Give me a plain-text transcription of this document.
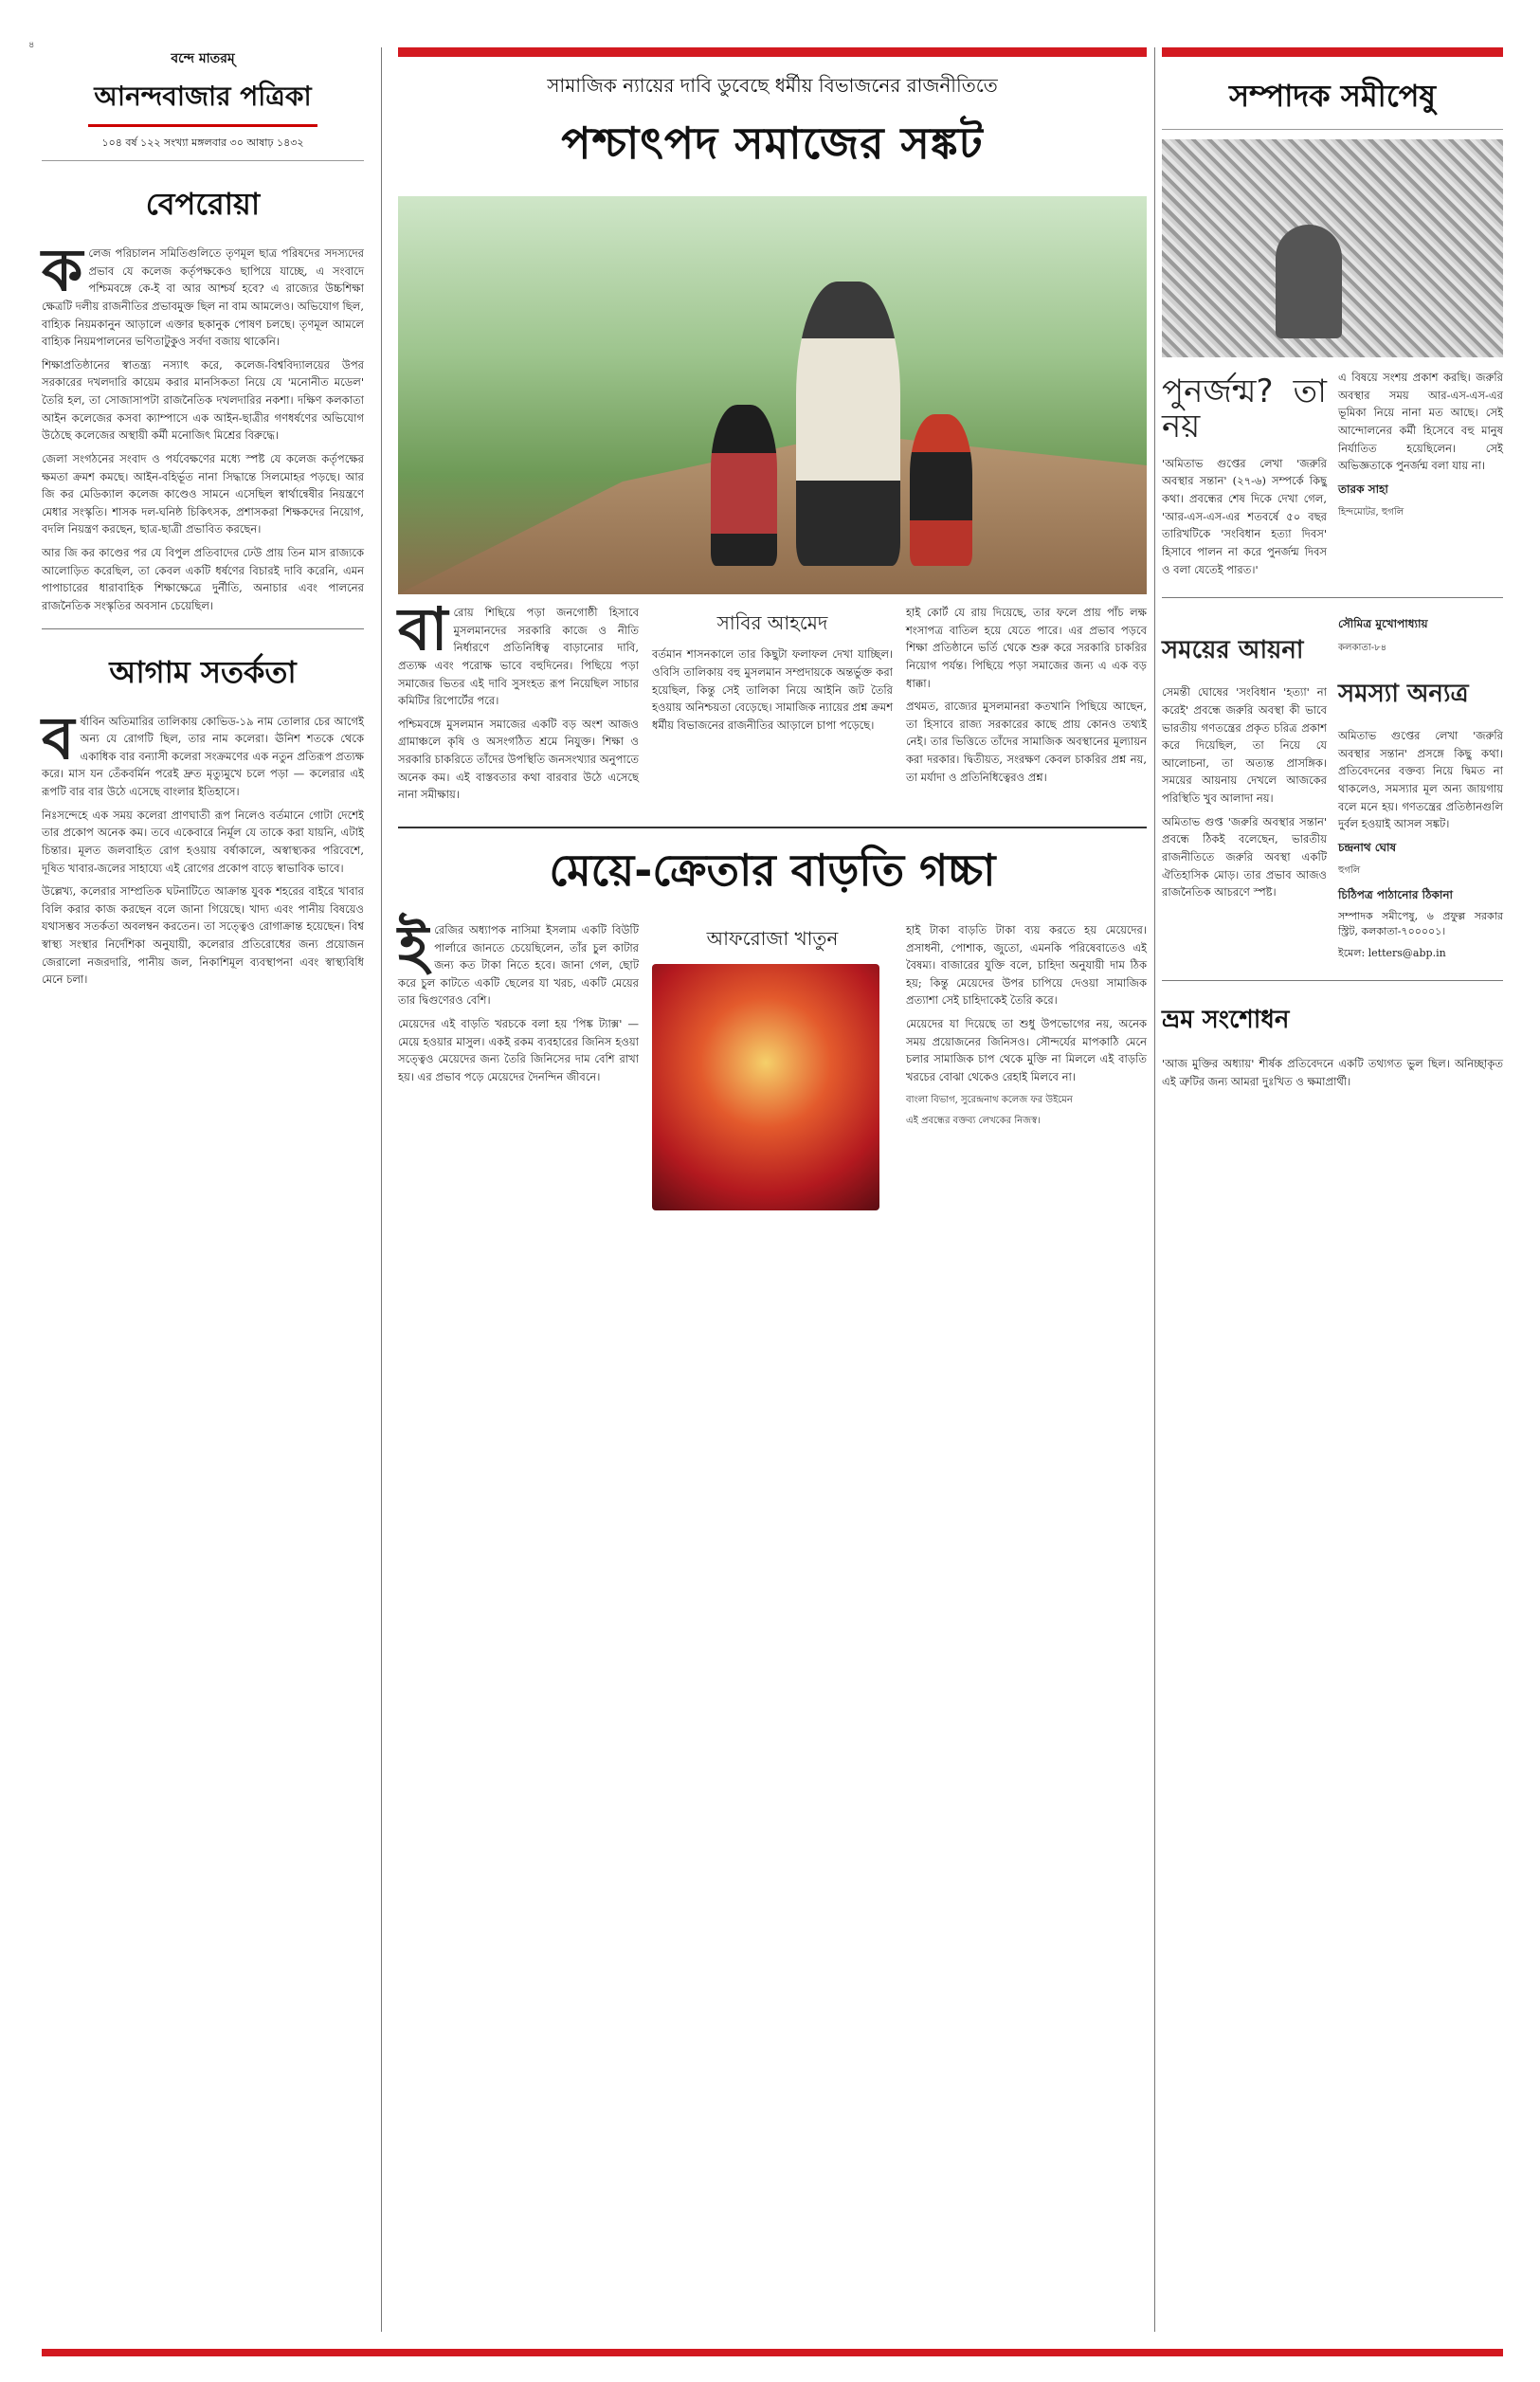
৪
বন্দে মাতরম্
আনন্দবাজার পত্রিকা
১০৪ বর্ষ ১২২ সংখ্যা মঙ্গলবার ৩০ আষাঢ় ১৪৩২
বেপরোয়া

কলেজ পরিচালন সমিতিগুলিতে তৃণমূল ছাত্র পরিষদের সদস্যদের প্রভাব যে কলেজ কর্তৃপক্ষকেও ছাপিয়ে যাচ্ছে, এ সংবাদে পশ্চিমবঙ্গে কে-ই বা আর আশ্চর্য হবে? এ রাজ্যের উচ্চশিক্ষা ক্ষেত্রটি দলীয় রাজনীতির প্রভাবমুক্ত ছিল না বাম আমলেও। অভিযোগ ছিল, বাহ্যিক নিয়মকানুন আড়ালে এক্তার ছকানুক পোষণ চলছে। তৃণমূল আমলে বাহ্যিক নিয়মপালনের ভণিতাটুকুও সর্বদা বজায় থাকেনি।

শিক্ষাপ্রতিষ্ঠানের স্বাতন্ত্র্য নস্যাৎ করে, কলেজ-বিশ্ববিদ্যালয়ের উপর সরকারের দখলদারি কায়েম করার মানসিকতা নিয়ে যে 'মনোনীত মডেল' তৈরি হল, তা সোজাসাপটা রাজনৈতিক দখলদারির নকশা। দক্ষিণ কলকাতা আইন কলেজের কসবা ক্যাম্পাসে এক আইন-ছাত্রীর গণধর্ষণের অভিযোগ উঠেছে কলেজের অস্থায়ী কর্মী মনোজিৎ মিশ্রের বিরুদ্ধে।

জেলা সংগঠনের সংবাদ ও পর্যবেক্ষণের মধ্যে স্পষ্ট যে কলেজ কর্তৃপক্ষের ক্ষমতা ক্রমশ কমছে। আইন-বহির্ভূত নানা সিদ্ধান্তে সিলমোহর পড়ছে। আর জি কর মেডিক্যাল কলেজ কাণ্ডেও সামনে এসেছিল স্বার্থান্বেষীর নিয়ন্ত্রণে মেধার সংস্কৃতি। শাসক দল-ঘনিষ্ঠ চিকিৎসক, প্রশাসকরা শিক্ষকদের নিয়োগ, বদলি নিয়ন্ত্রণ করছেন, ছাত্র-ছাত্রী প্রভাবিত করছেন।

আর জি কর কাণ্ডের পর যে বিপুল প্রতিবাদের ঢেউ প্রায় তিন মাস রাজ্যকে আলোড়িত করেছিল, তা কেবল একটি ধর্ষণের বিচারই দাবি করেনি, এমন পাপাচারের ধারাবাহিক শিক্ষাক্ষেত্রে দুর্নীতি, অনাচার এবং পালনের রাজনৈতিক সংস্কৃতির অবসান চেয়েছিল।

আগাম সতর্কতা

বর্ষাবিন অতিমারির তালিকায় কোভিড-১৯ নাম তোলার চের আগেই অন্য যে রোগটি ছিল, তার নাম কলেরা। ঊনিশ শতকে থেকে একাধিক বার বন্যাসী কলেরা সংক্রমণের এক নতুন প্রতিরূপ প্রত্যক্ষ করে। মাস যন তেঁকবর্মিন পরেই দ্রুত মৃত্যুমুখে চলে পড়া — কলেরার এই রূপটি বার বার উঠে এসেছে বাংলার ইতিহাসে।

নিঃসন্দেহে এক সময় কলেরা প্রাণঘাতী রূপ নিলেও বর্তমানে গোটা দেশেই তার প্রকোপ অনেক কম। তবে একেবারে নির্মূল যে তাকে করা যায়নি, এটাই চিন্তার। মূলত জলবাহিত রোগ হওয়ায় বর্ষাকালে, অস্বাস্থ্যকর পরিবেশে, দূষিত খাবার-জলের সাহায্যে এই রোগের প্রকোপ বাড়ে স্বাভাবিক ভাবে।

উল্লেখ্য, কলেরার সাম্প্রতিক ঘটনাটিতে আক্রান্ত যুবক শহরের বাইরে খাবার বিলি করার কাজ করছেন বলে জানা গিয়েছে। খাদ্য এবং পানীয় বিষয়েও যথাসম্ভব সতর্কতা অবলম্বন করতেন। তা সত্ত্বেও রোগাক্রান্ত হয়েছেন। বিশ্ব স্বাস্থ্য সংস্থার নির্দেশিকা অনুযায়ী, কলেরার প্রতিরোধের জন্য প্রয়োজন জেরালো নজরদারি, পানীয় জল, নিকাশিমূল ব্যবস্থাপনা এবং স্বাস্থ্যবিধি মেনে চলা।

সামাজিক ন্যায়ের দাবি ডুবেছে ধর্মীয় বিভাজনের রাজনীতিতে
পশ্চাৎপদ সমাজের সঙ্কট

বারোয় শিছিয়ে পড়া জনগোষ্ঠী হিসাবে মুসলমানদের সরকারি কাজে ও নীতি নির্ধারণে প্রতিনিধিত্ব বাড়ানোর দাবি, প্রত্যক্ষ এবং পরোক্ষ ভাবে বহুদিনের। পিছিয়ে পড়া সমাজের ভিতর এই দাবি সুসংহত রূপ নিয়েছিল সাচার কমিটির রিপোর্টের পরে।

পশ্চিমবঙ্গে মুসলমান সমাজের একটি বড় অংশ আজও গ্রামাঞ্চলে কৃষি ও অসংগঠিত শ্রমে নিযুক্ত। শিক্ষা ও সরকারি চাকরিতে তাঁদের উপস্থিতি জনসংখ্যার অনুপাতে অনেক কম। এই বাস্তবতার কথা বারবার উঠে এসেছে নানা সমীক্ষায়।

সাবির আহমেদ

বর্তমান শাসনকালে তার কিছুটা ফলাফল দেখা যাচ্ছিল। ওবিসি তালিকায় বহু মুসলমান সম্প্রদায়কে অন্তর্ভুক্ত করা হয়েছিল, কিন্তু সেই তালিকা নিয়ে আইনি জট তৈরি হওয়ায় অনিশ্চয়তা বেড়েছে। সামাজিক ন্যায়ের প্রশ্ন ক্রমশ ধর্মীয় বিভাজনের রাজনীতির আড়ালে চাপা পড়েছে।

হাই কোর্ট যে রায় দিয়েছে, তার ফলে প্রায় পাঁচ লক্ষ শংসাপত্র বাতিল হয়ে যেতে পারে। এর প্রভাব পড়বে শিক্ষা প্রতিষ্ঠানে ভর্তি থেকে শুরু করে সরকারি চাকরির নিয়োগ পর্যন্ত। পিছিয়ে পড়া সমাজের জন্য এ এক বড় ধাক্কা।

প্রথমত, রাজ্যের মুসলমানরা কতখানি পিছিয়ে আছেন, তা হিসাবে রাজ্য সরকারের কাছে প্রায় কোনও তথ্যই নেই। তার ভিত্তিতে তাঁদের সামাজিক অবস্থানের মূল্যায়ন করা দরকার। দ্বিতীয়ত, সংরক্ষণ কেবল চাকরির প্রশ্ন নয়, তা মর্যাদা ও প্রতিনিধিত্বেরও প্রশ্ন।

মেয়ে-ক্রেতার বাড়তি গচ্চা

ইরেজির অধ্যাপক নাসিমা ইসলাম একটি বিউটি পার্লারে জানতে চেয়েছিলেন, তাঁর চুল কাটার জন্য কত টাকা নিতে হবে। জানা গেল, ছোট করে চুল কাটতে একটি ছেলের যা খরচ, একটি মেয়ের তার দ্বিগুণেরও বেশি।

মেয়েদের এই বাড়তি খরচকে বলা হয় 'পিঙ্ক ট্যাক্স' — মেয়ে হওয়ার মাসুল। একই রকম ব্যবহারের জিনিস হওয়া সত্ত্বেও মেয়েদের জন্য তৈরি জিনিসের দাম বেশি রাখা হয়। এর প্রভাব পড়ে মেয়েদের দৈনন্দিন জীবনে।

আফরোজা খাতুন	হাই টাকা বাড়তি টাকা ব্যয় করতে হয় মেয়েদের। প্রসাধনী, পোশাক, জুতো, এমনকি পরিষেবাতেও এই বৈষম্য। বাজারের যুক্তি বলে, চাহিদা অনুযায়ী দাম ঠিক হয়; কিন্তু মেয়েদের উপর চাপিয়ে দেওয়া সামাজিক প্রত্যাশা সেই চাহিদাকেই তৈরি করে।

মেয়েদের যা দিয়েছে তা শুধু উপভোগের নয়, অনেক সময় প্রয়োজনের জিনিসও। সৌন্দর্যের মাপকাঠি মেনে চলার সামাজিক চাপ থেকে মুক্তি না মিললে এই বাড়তি খরচের বোঝা থেকেও রেহাই মিলবে না।

বাংলা বিভাগ, সুরেন্দ্রনাথ কলেজ ফর উইমেন

এই প্রবন্ধের বক্তব্য লেখকের নিজস্ব।

সম্পাদক সমীপেষু
পুনর্জন্ম? তা নয়

'অমিতাভ গুপ্তের লেখা 'জরুরি অবস্থার সন্তান' (২৭-৬) সম্পর্কে কিছু কথা। প্রবন্ধের শেষ দিকে দেখা গেল, 'আর-এস-এস-এর শতবর্ষে ৫০ বছর তারিখটিকে 'সংবিধান হত্যা দিবস' হিসাবে পালন না করে পুনর্জন্ম দিবস ও বলা যেতেই পারত।'

এ বিষয়ে সংশয় প্রকাশ করছি। জরুরি অবস্থার সময় আর-এস-এস-এর ভূমিকা নিয়ে নানা মত আছে। সেই আন্দোলনের কর্মী হিসেবে বহু মানুষ নির্যাতিত হয়েছিলেন। সেই অভিজ্ঞতাকে পুনর্জন্ম বলা যায় না।

তারক সাহা

হিন্দমোটর, হুগলি

সময়ের আয়না

সেমন্তী ঘোষের 'সংবিধান 'হত্যা' না করেই' প্রবন্ধে জরুরি অবস্থা কী ভাবে ভারতীয় গণতন্ত্রের প্রকৃত চরিত্র প্রকাশ করে দিয়েছিল, তা নিয়ে যে আলোচনা, তা অত্যন্ত প্রাসঙ্গিক। সময়ের আয়নায় দেখলে আজকের পরিস্থিতি খুব আলাদা নয়।

অমিতাভ গুপ্ত 'জরুরি অবস্থার সন্তান' প্রবন্ধে ঠিকই বলেছেন, ভারতীয় রাজনীতিতে জরুরি অবস্থা একটি ঐতিহাসিক মোড়। তার প্রভাব আজও রাজনৈতিক আচরণে স্পষ্ট।

সৌমিত্র মুখোপাধ্যায়

কলকাতা-৮৪

সমস্যা অন্যত্র

অমিতাভ গুপ্তের লেখা 'জরুরি অবস্থার সন্তান' প্রসঙ্গে কিছু কথা। প্রতিবেদনের বক্তব্য নিয়ে দ্বিমত না থাকলেও, সমস্যার মূল অন্য জায়গায় বলে মনে হয়। গণতন্ত্রের প্রতিষ্ঠানগুলি দুর্বল হওয়াই আসল সঙ্কট।

চন্দ্রনাথ ঘোষ

হুগলি

চিঠিপত্র পাঠানোর ঠিকানা

সম্পাদক সমীপেষু, ৬ প্রফুল্ল সরকার স্ট্রিট, কলকাতা-৭০০০০১।

ইমেল: letters@abp.in

ভ্রম সংশোধন

'আজ মুক্তির অধ্যায়' শীর্ষক প্রতিবেদনে একটি তথ্যগত ভুল ছিল। অনিচ্ছাকৃত এই ত্রুটির জন্য আমরা দুঃখিত ও ক্ষমাপ্রার্থী।
